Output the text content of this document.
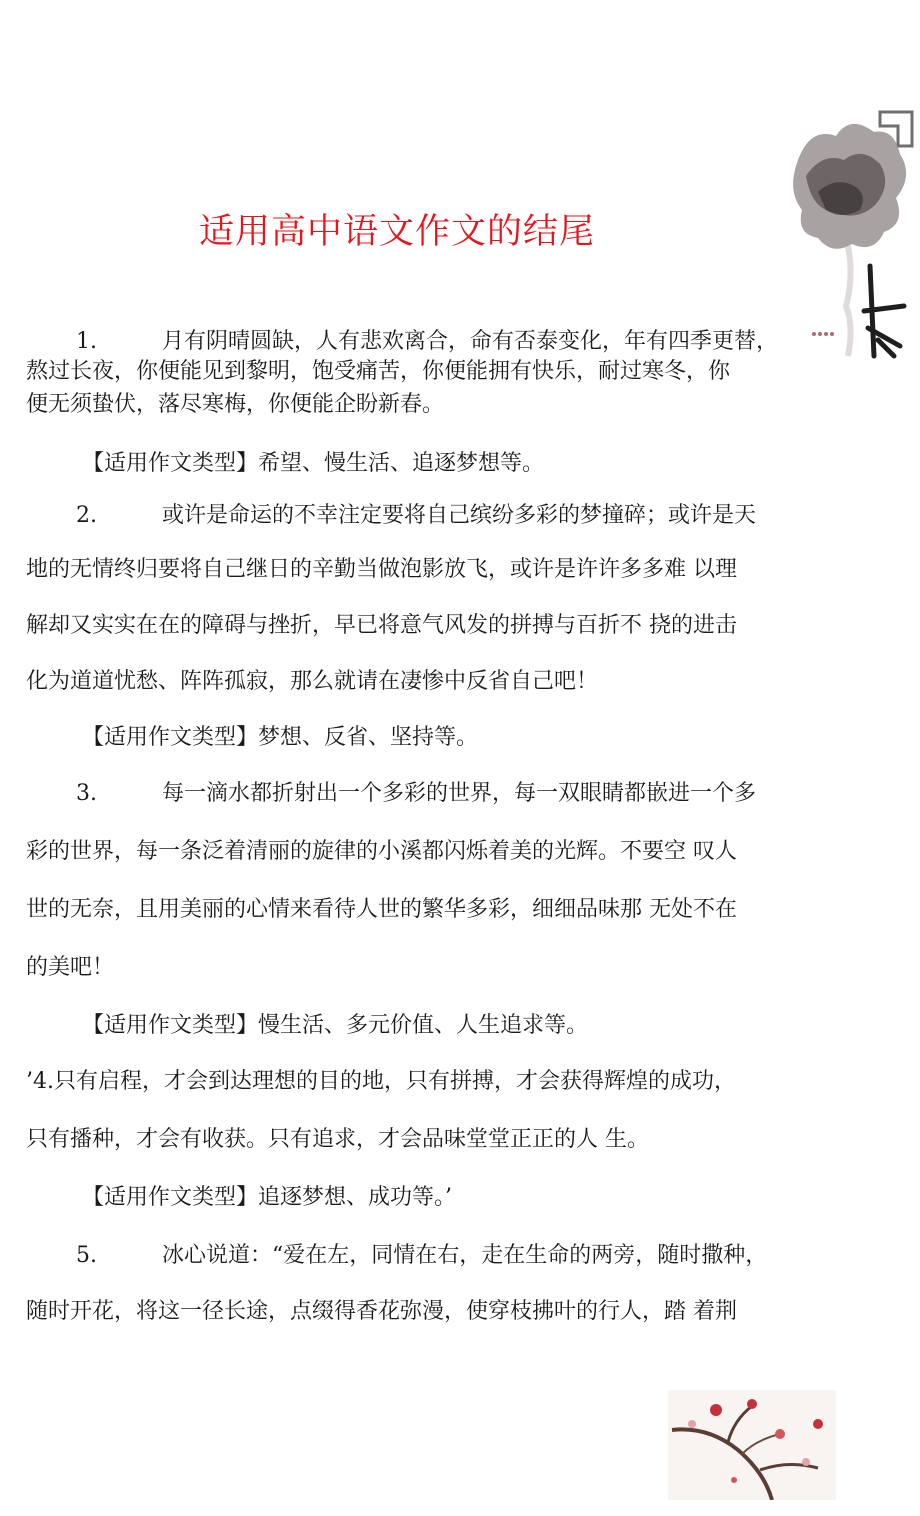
适用高中语文作文的结尾
1.	月有阴晴圆缺，人有悲欢离合，命有否泰变化，年有四季更替，
熬过长夜，你便能见到黎明，饱受痛苦，你便能拥有快乐，耐过寒冬，你
便无须蛰伏，落尽寒梅，你便能企盼新春。
【适用作文类型】希望、慢生活、追逐梦想等。
2.	或许是命运的不幸注定要将自己缤纷多彩的梦撞碎；或许是天
地的无情终归要将自己继日的辛勤当做泡影放飞，或许是许许多多难 以理
解却又实实在在的障碍与挫折，早已将意气风发的拼搏与百折不 挠的进击
化为道道忧愁、阵阵孤寂，那么就请在凄惨中反省自己吧！
【适用作文类型】梦想、反省、坚持等。
3.	每一滴水都折射出一个多彩的世界，每一双眼睛都嵌进一个多
彩的世界，每一条泛着清丽的旋律的小溪都闪烁着美的光辉。不要空 叹人
世的无奈，且用美丽的心情来看待人世的繁华多彩，细细品味那 无处不在
的美吧！
【适用作文类型】慢生活、多元价值、人生追求等。
’4.只有启程，才会到达理想的目的地，只有拼搏，才会获得辉煌的成功，
只有播种，才会有收获。只有追求，才会品味堂堂正正的人 生。
【适用作文类型】追逐梦想、成功等。’
5.	冰心说道：“爱在左，同情在右，走在生命的两旁，随时撒种，
随时开花，将这一径长途，点缀得香花弥漫，使穿枝拂叶的行人，踏 着荆
